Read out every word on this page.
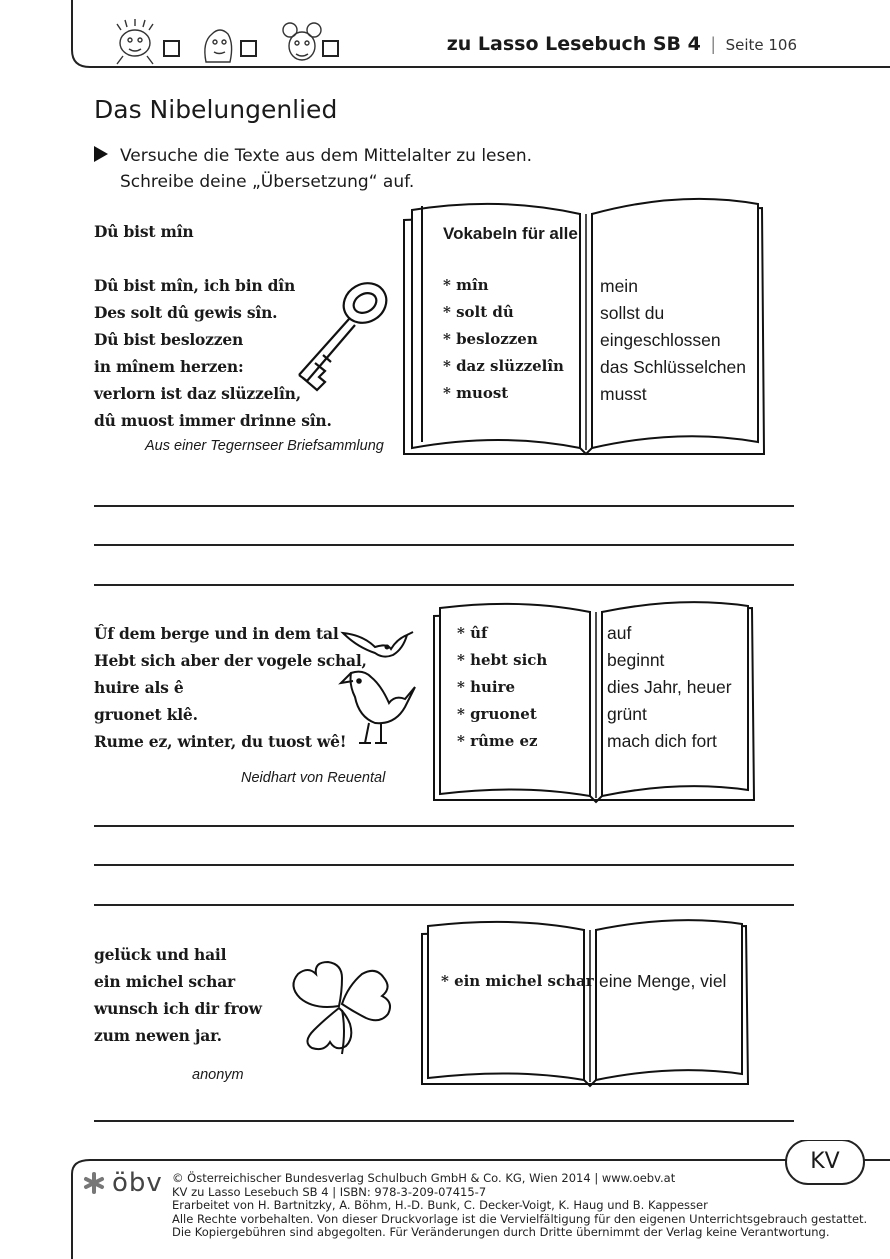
zu Lasso Lesebuch SB 4 | Seite 106
Das Nibelungenlied
Versuche die Texte aus dem Mittelalter zu lesen.
Schreibe deine „Übersetzung“ auf.
Dû bist mîn
Dû bist mîn, ich bin dîn
Des solt dû gewis sîn.
Dû bist beslozzen
in mînem herzen:
verlorn ist daz slüzzelîn,
dû muost immer drinne sîn.
Aus einer Tegernseer Briefsammlung
Vokabeln für alle
* mîn
* solt dû
* beslozzen
* daz slüzzelîn
* muost
mein
sollst du
eingeschlossen
das Schlüsselchen
musst
Ûf dem berge und in dem tal
Hebt sich aber der vogele schal,
huire als ê
gruonet klê.
Rume ez, winter, du tuost wê!
Neidhart von Reuental
* ûf
* hebt sich
* huire
* gruonet
* rûme ez
auf
beginnt
dies Jahr, heuer
grünt
mach dich fort
gelück und hail
ein michel schar
wunsch ich dir frow
zum newen jar.
anonym
* ein michel schar eine Menge, viel
KV
öbv © Österreichischer Bundesverlag Schulbuch GmbH & Co. KG, Wien 2014 | www.oebv.at
KV zu Lasso Lesebuch SB 4 | ISBN: 978-3-209-07415-7
Erarbeitet von H. Bartnitzky, A. Böhm, H.-D. Bunk, C. Decker-Voigt, K. Haug und B. Kappesser
Alle Rechte vorbehalten. Von dieser Druckvorlage ist die Vervielfältigung für den eigenen Unterrichtsgebrauch gestattet.
Die Kopiergebühren sind abgegolten. Für Veränderungen durch Dritte übernimmt der Verlag keine Verantwortung.
